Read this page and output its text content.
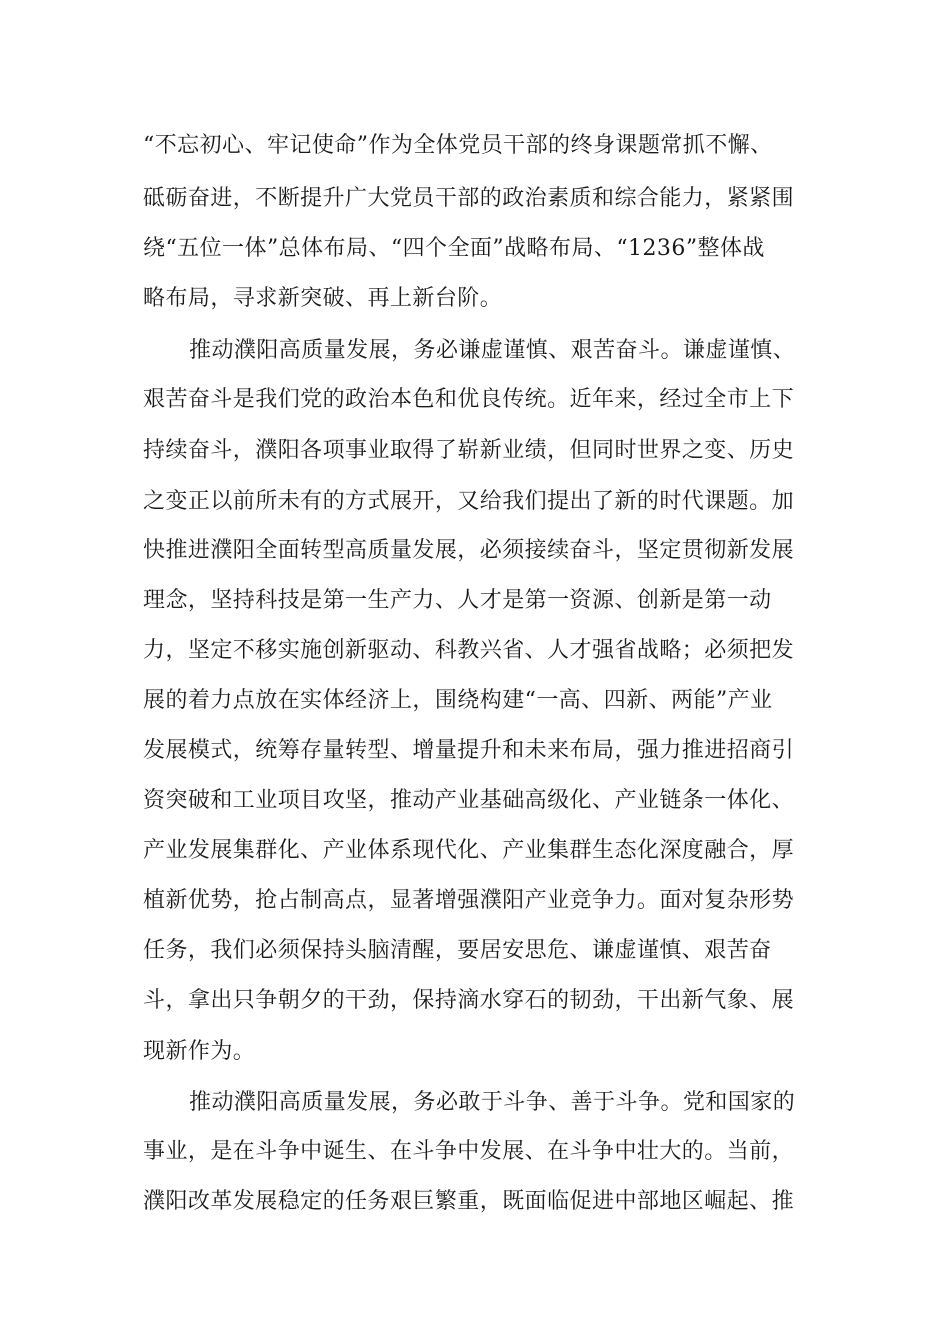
“不忘初心、牢记使命”作为全体党员干部的终身课题常抓不懈、
砥砺奋进，不断提升广大党员干部的政治素质和综合能力，紧紧围
绕“五位一体”总体布局、“四个全面”战略布局、“1236”整体战
略布局，寻求新突破、再上新台阶。
推动濮阳高质量发展，务必谦虚谨慎、艰苦奋斗。谦虚谨慎、
艰苦奋斗是我们党的政治本色和优良传统。近年来，经过全市上下
持续奋斗，濮阳各项事业取得了崭新业绩，但同时世界之变、历史
之变正以前所未有的方式展开，又给我们提出了新的时代课题。加
快推进濮阳全面转型高质量发展，必须接续奋斗，坚定贯彻新发展
理念，坚持科技是第一生产力、人才是第一资源、创新是第一动
力，坚定不移实施创新驱动、科教兴省、人才强省战略；必须把发
展的着力点放在实体经济上，围绕构建“一高、四新、两能”产业
发展模式，统筹存量转型、增量提升和未来布局，强力推进招商引
资突破和工业项目攻坚，推动产业基础高级化、产业链条一体化、
产业发展集群化、产业体系现代化、产业集群生态化深度融合，厚
植新优势，抢占制高点，显著增强濮阳产业竞争力。面对复杂形势
任务，我们必须保持头脑清醒，要居安思危、谦虚谨慎、艰苦奋
斗，拿出只争朝夕的干劲，保持滴水穿石的韧劲，干出新气象、展
现新作为。
推动濮阳高质量发展，务必敢于斗争、善于斗争。党和国家的
事业，是在斗争中诞生、在斗争中发展、在斗争中壮大的。当前，
濮阳改革发展稳定的任务艰巨繁重，既面临促进中部地区崛起、推
